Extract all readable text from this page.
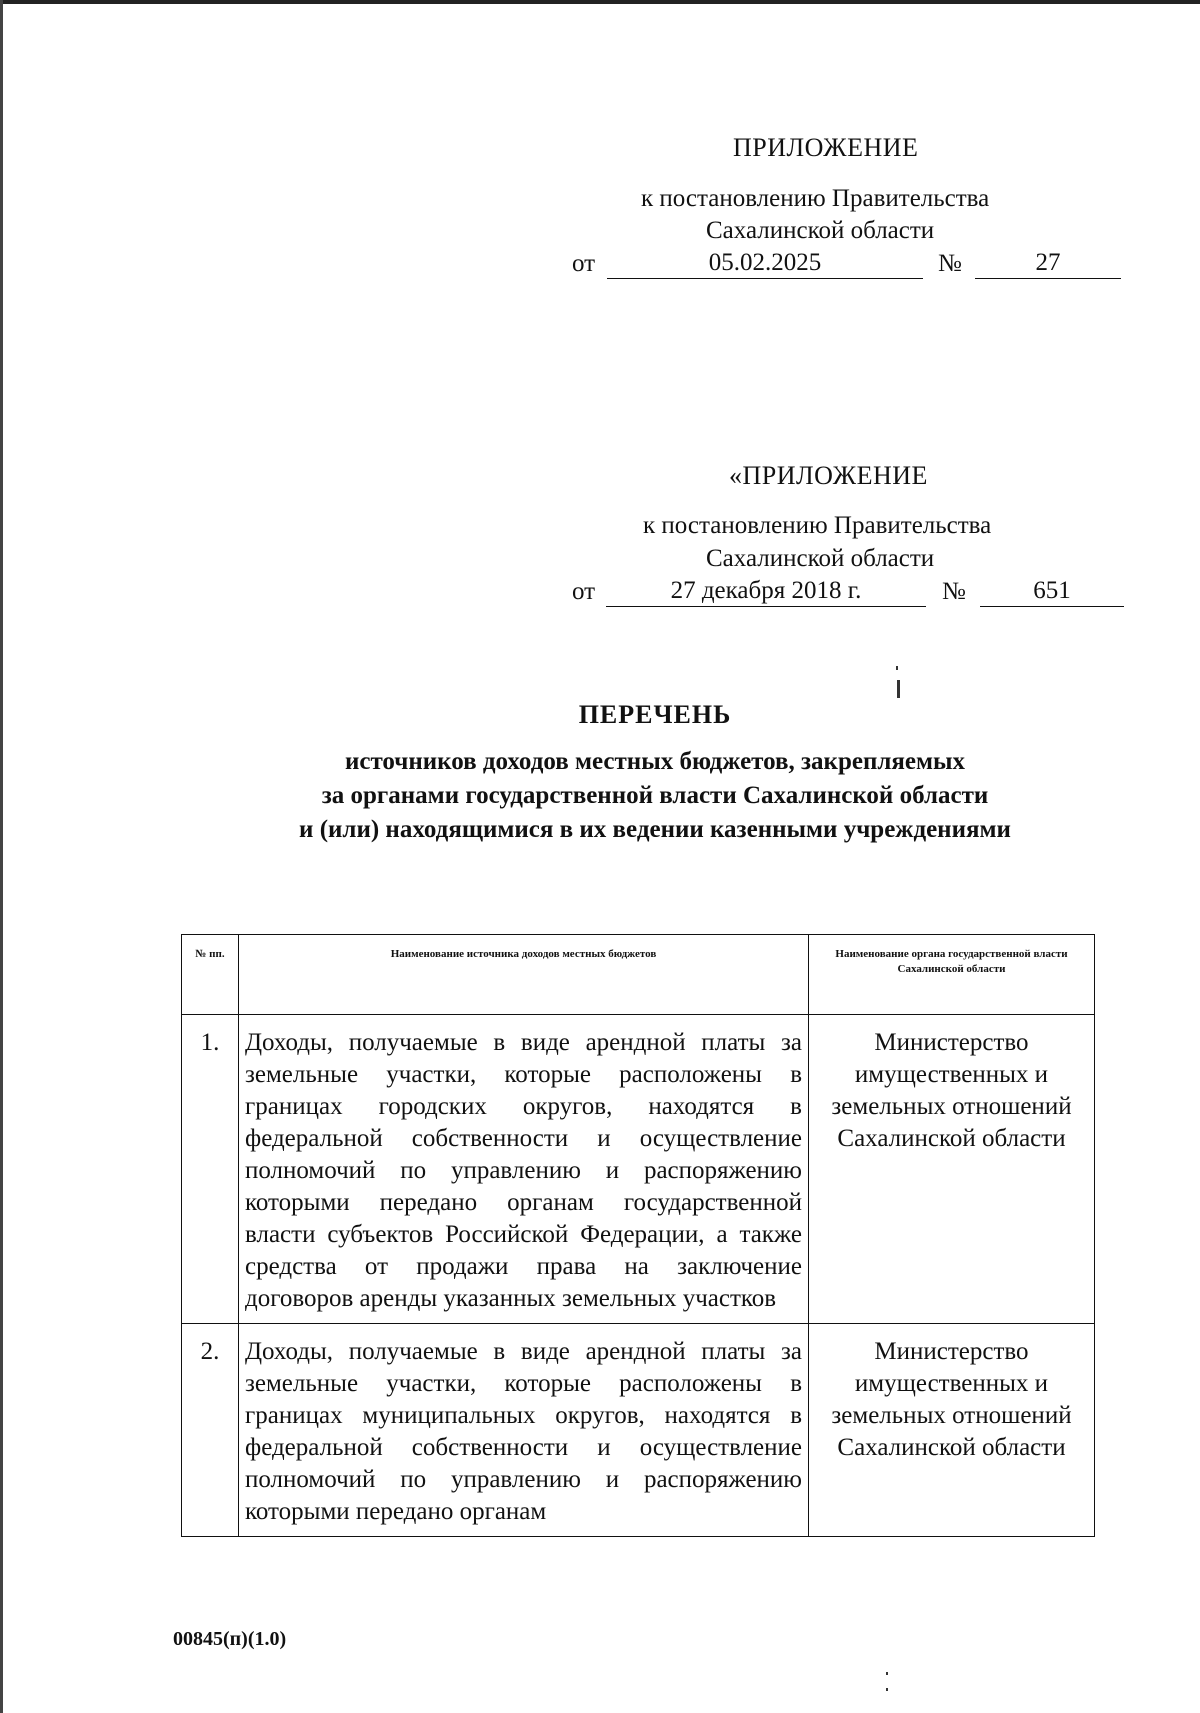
ПРИЛОЖЕНИЕ
к постановлению Правительства
Сахалинской области
от	05.02.2025	№	27
«ПРИЛОЖЕНИЕ
к постановлению Правительства
Сахалинской области
от	27 декабря 2018 г.	№	651
ПЕРЕЧЕНЬ
источников доходов местных бюджетов, закрепляемых
за органами государственной власти Сахалинской области
и (или) находящимися в их ведении казенными учреждениями
№ пп.	Наименование источника доходов местных бюджетов	Наименование органа государственной власти Сахалинской области
1.	Доходы, получаемые в виде арендной платы за земельные участки, которые расположены в границах городских округов, находятся в федеральной собственности и осуществление полномочий по управлению и распоряжению которыми передано органам государственной власти субъектов Российской Федерации, а также средства от продажи права на заключение договоров аренды указанных земельных участков	Министерство имущественных и земельных отношений Сахалинской области
2.	Доходы, получаемые в виде арендной платы за земельные участки, которые расположены в границах муниципальных округов, находятся в федеральной собственности и осуществление полномочий по управлению и распоряжению которыми передано органам	Министерство имущественных и земельных отношений Сахалинской области
00845(п)(1.0)
